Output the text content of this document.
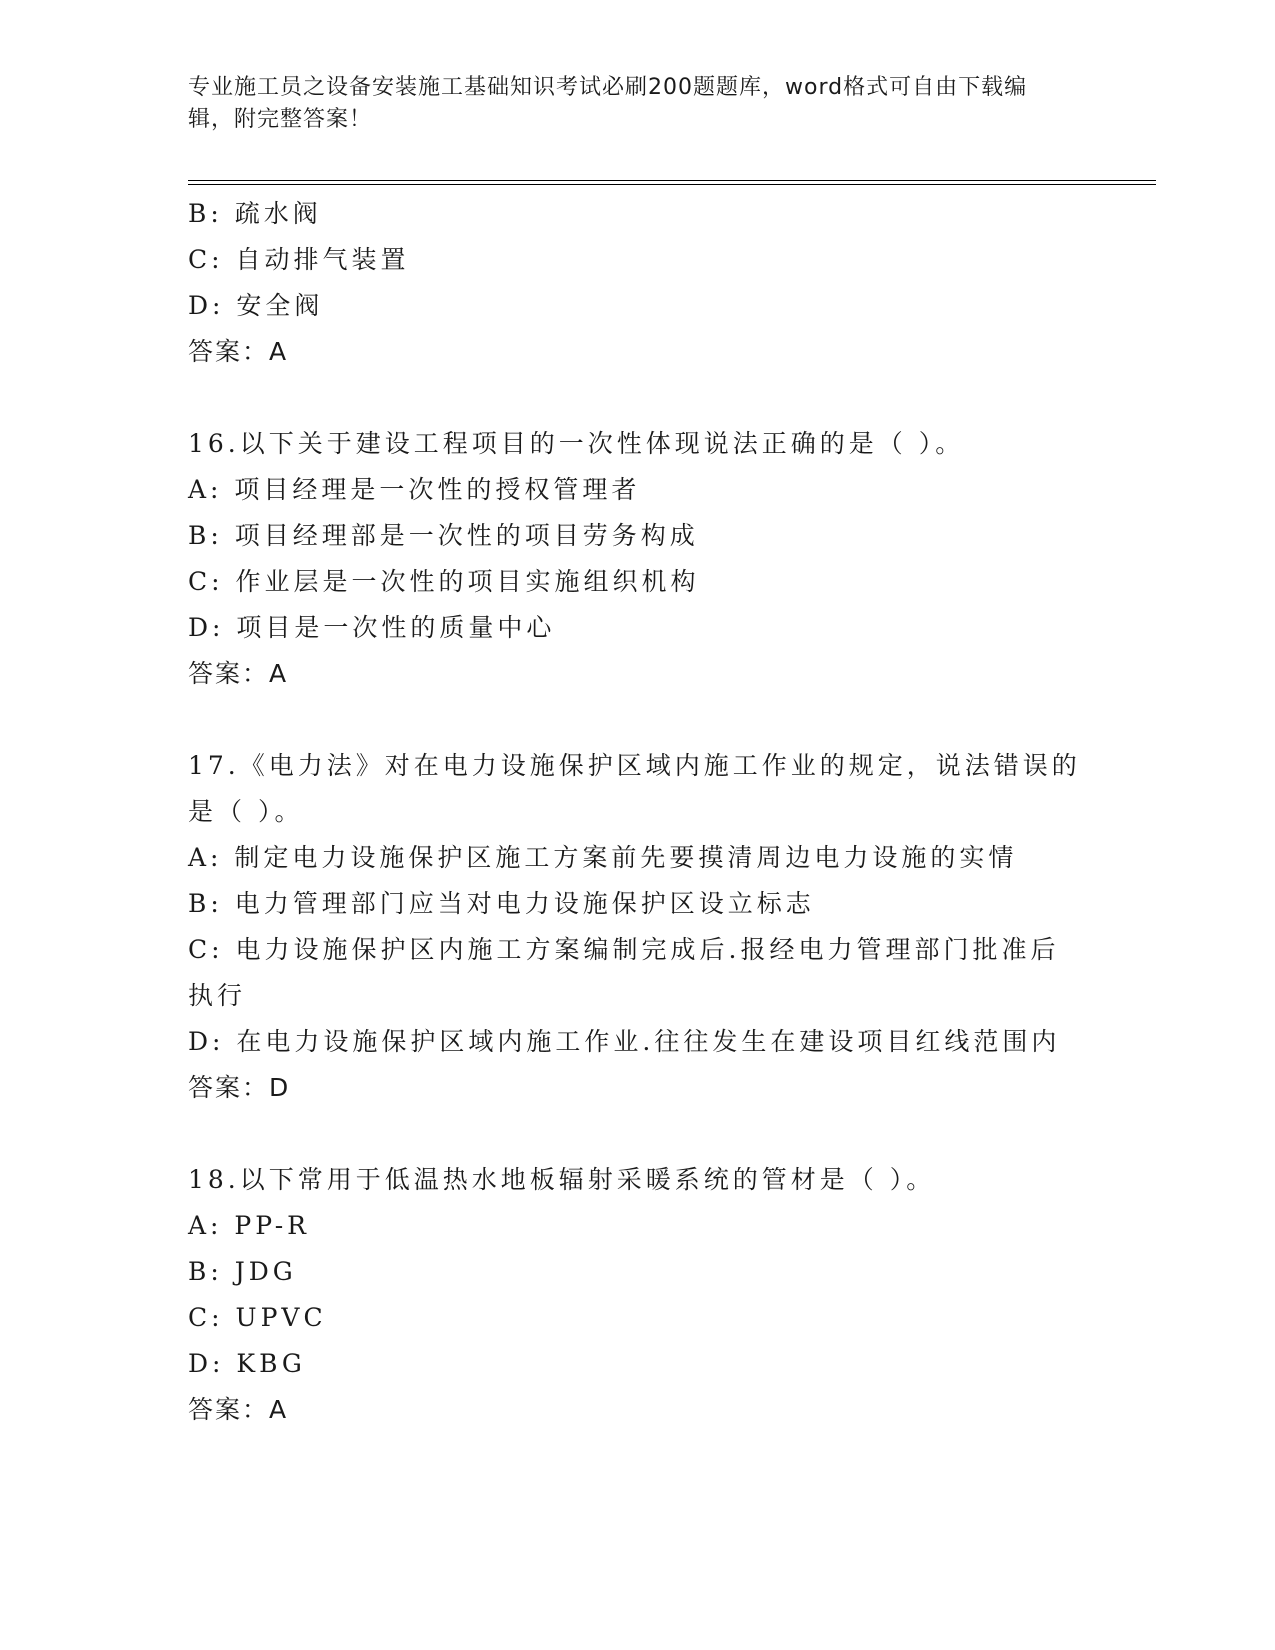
专业施工员之设备安装施工基础知识考试必刷200题题库，word格式可自由下载编辑，附完整答案！
B: 疏水阀
C: 自动排气装置
D: 安全阀
答案：A
16.以下关于建设工程项目的一次性体现说法正确的是（ ）。
A: 项目经理是一次性的授权管理者
B: 项目经理部是一次性的项目劳务构成
C: 作业层是一次性的项目实施组织机构
D: 项目是一次性的质量中心
答案：A
17.《电力法》对在电力设施保护区域内施工作业的规定，说法错误的是（ ）。
A: 制定电力设施保护区施工方案前先要摸清周边电力设施的实情
B: 电力管理部门应当对电力设施保护区设立标志
C: 电力设施保护区内施工方案编制完成后.报经电力管理部门批准后执行
D: 在电力设施保护区域内施工作业.往往发生在建设项目红线范围内
答案：D
18.以下常用于低温热水地板辐射采暖系统的管材是（ ）。
A: PP-R
B: JDG
C: UPVC
D: KBG
答案：A
